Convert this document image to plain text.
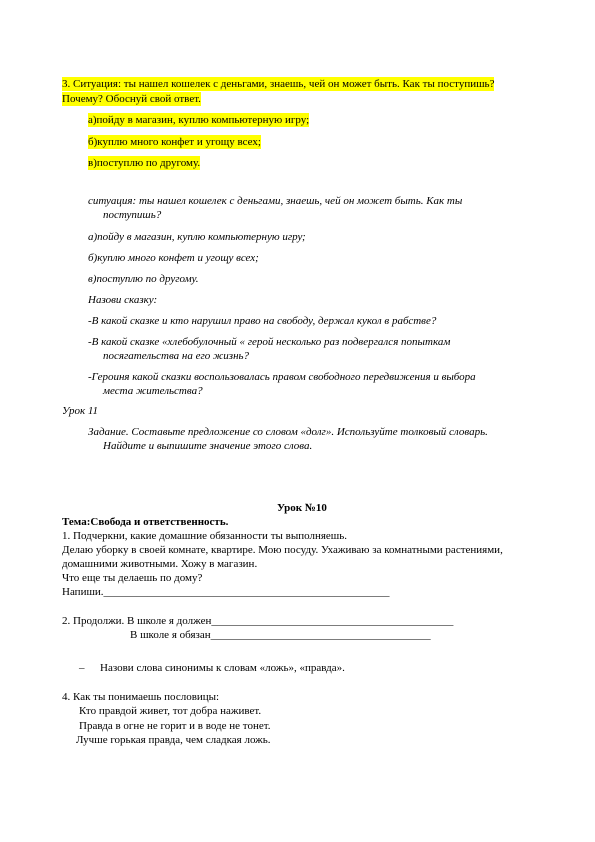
3. Ситуация: ты нашел кошелек с деньгами, знаешь, чей он может быть. Как ты поступишь?
Почему? Обоснуй свой ответ.
а)пойду в магазин, куплю компьютерную игру;
б)куплю много конфет и угощу всех;
в)поступлю по другому.
ситуация: ты нашел кошелек с деньгами, знаешь, чей он может быть. Как ты
поступишь?
а)пойду в магазин, куплю компьютерную игру;
б)куплю много конфет и угощу всех;
в)поступлю по другому.
Назови сказку:
-В какой сказке и кто нарушил право на свободу, держал кукол в рабстве?
-В какой сказке «хлебобулочный « герой несколько раз подвергался попыткам
посягательства на его жизнь?
-Героиня какой сказки воспользовалась правом свободного передвижения и выбора
места жительства?
Урок 11
Задание. Составьте предложение со словом «долг». Используйте толковый словарь.
Найдите и выпишите значение этого слова.
Урок №10
Тема:Свобода и ответственность.
1. Подчеркни, какие домашние обязанности ты выполняешь.
Делаю уборку в своей комнате, квартире. Мою посуду. Ухаживаю за комнатными растениями,
домашними животными. Хожу в магазин.
Что еще ты делаешь по дому?
Напиши.____________________________________________________
2. Продолжи. В школе я должен____________________________________________
В школе я обязан________________________________________
– Назови слова синонимы к словам «ложь», «правда».
4. Как ты понимаешь пословицы:
Кто правдой живет, тот добра наживет.
Правда в огне не горит и в воде не тонет.
Лучше горькая правда, чем сладкая ложь.
